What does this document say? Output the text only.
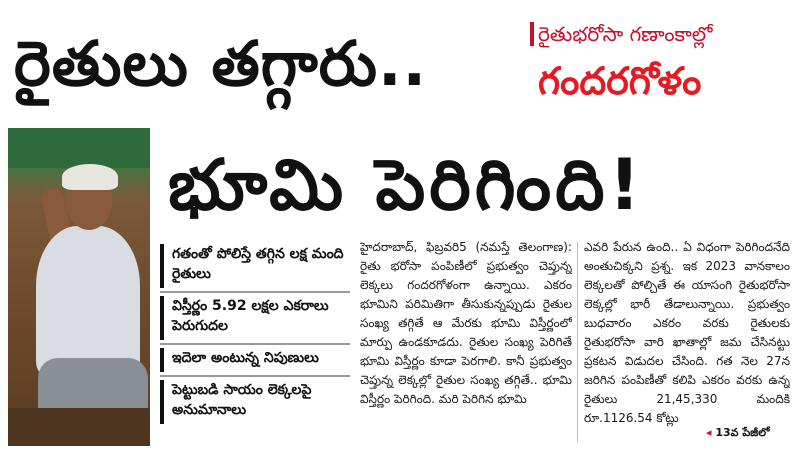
రైతులు తగ్గారు..	రైతుభరోసా గణాంకాల్లో
గందరగోళం
భూమి పెరిగింది!
గతంతో పోలిస్తే తగ్గిన లక్ష మంది రైతులు
విస్తీర్ణం 5.92 లక్షల ఎకరాలు పెరుగుదల
ఇదెలా అంటున్న నిపుణులు
పెట్టుబడి సాయం లెక్కలపై అనుమానాలు
హైదరాబాద్, ఫిబ్రవరి5 (నమస్తే తెలంగాణ): రైతు భరోసా పంపిణీలో ప్రభుత్వం చెప్తున్న లెక్కలు గందరగోళంగా ఉన్నాయి. ఎకరం భూమిని పరిమితిగా తీసుకున్నప్పుడు రైతుల సంఖ్య తగ్గితే ఆ మేరకు భూమి విస్తీర్ణంలో మార్పు ఉండకూడదు. రైతుల సంఖ్య పెరిగితే భూమి విస్తీర్ణం కూడా పెరగాలి. కానీ ప్రభుత్వం చెప్తున్న లెక్కల్లో రైతుల సంఖ్య తగ్గితే.. భూమి విస్తీర్ణం పెరిగింది. మరి పెరిగిన భూమి
ఎవరి పేరున ఉంది.. ఏ విధంగా పెరిగిందనేది అంతుచిక్కని ప్రశ్న. ఇక 2023 వానకాలం లెక్కలతో పోల్చితే ఈ యాసంగి రైతుభరోసా లెక్కల్లో భారీ తేడాలున్నాయి. ప్రభుత్వం బుధవారం ఎకరం వరకు రైతులకు రైతుభరోసా వారి ఖాతాల్లో జమ చేసినట్టు ప్రకటన విడుదల చేసింది. గత నెల 27న జరిగిన పంపిణీతో కలిపి ఎకరం వరకు ఉన్న రైతులు 21,45,330 మందికి రూ.1126.54 కోట్లు
◂ 13వ పేజీలో
